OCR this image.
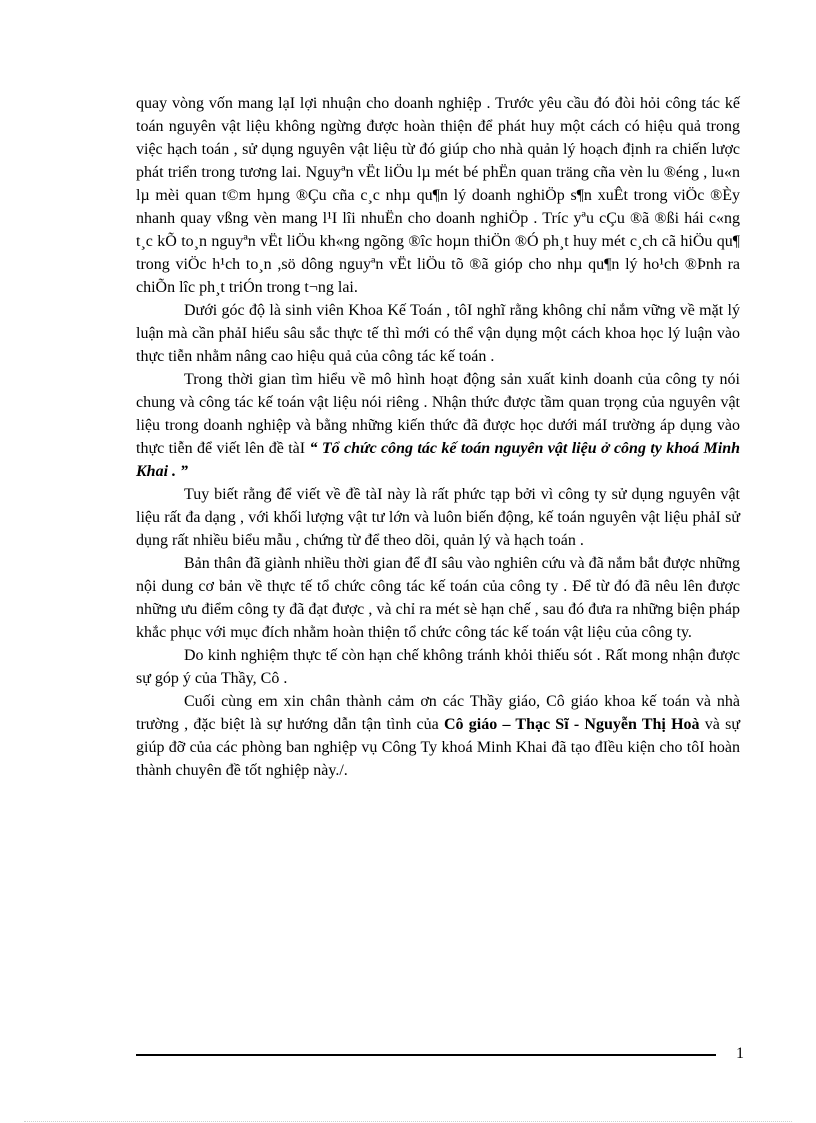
quay vòng vốn mang lạI lợi nhuận cho doanh nghiệp . Trước yêu cầu đó đòi hỏi công tác kế toán nguyên vật liệu không ngừng được hoàn thiện để phát huy một cách có hiệu quả trong việc hạch toán , sử dụng nguyên vật liệu từ đó giúp cho nhà quản lý hoạch định ra chiến lược phát triển trong tương lai. Nguyªn vËt liÖu lµ mét bé phËn quan träng cña vèn lu ®éng , lu«n lµ mèi quan t©m hµng ®Çu cña c¸c nhµ qu¶n lý doanh nghiÖp s¶n xuÊt trong viÖc ®Èy nhanh quay vßng vèn mang l¹I lîi nhuËn cho doanh nghiÖp . Tríc yªu cÇu ®ã ®ßi hái c«ng t¸c kÕ to¸n nguyªn vËt liÖu kh«ng ngõng ®îc hoµn thiÖn ®Ó ph¸t huy mét c¸ch cã hiÖu qu¶ trong viÖc h¹ch to¸n ,sö dông nguyªn vËt liÖu tõ ®ã gióp cho nhµ qu¶n lý ho¹ch ®Þnh ra chiÕn lîc ph¸t triÓn trong t¬ng lai.

Dưới góc độ là sinh viên Khoa Kế Toán , tôI nghĩ rằng không chỉ nắm vững về mặt lý luận mà cần phảI hiểu sâu sắc thực tế thì mới có thể vận dụng một cách khoa học lý luận vào thực tiễn nhằm nâng cao hiệu quả của công tác kế toán .

Trong thời gian tìm hiểu về mô hình hoạt động sản xuất kinh doanh của công ty nói chung và công tác kế toán vật liệu nói riêng . Nhận thức được tầm quan trọng của nguyên vật liệu trong doanh nghiệp và bằng những kiến thức đã được học dưới máI trường áp dụng vào thực tiễn để viết lên đề tàI “ Tổ chức công tác kế toán nguyên vật liệu ở công ty khoá Minh Khai . ”

Tuy biết rằng để viết về đề tàI này là rất phức tạp bởi vì công ty sử dụng nguyên vật liệu rất đa dạng , với khối lượng vật tư lớn và luôn biến động, kế toán nguyên vật liệu phảI sử dụng rất nhiều biểu mẫu , chứng từ để theo dõi, quản lý và hạch toán .

Bản thân đã giành nhiều thời gian để đI sâu vào nghiên cứu và đã nắm bắt được những nội dung cơ bản về thực tế tổ chức công tác kế toán của công ty . Để từ đó đã nêu lên được những ưu điểm công ty đã đạt được , và chỉ ra mét sè hạn chế , sau đó đưa ra những biện pháp khắc phục với mục đích nhằm hoàn thiện tổ chức công tác kế toán vật liệu của công ty.

Do kinh nghiệm thực tế còn hạn chế không tránh khỏi thiếu sót . Rất mong nhận được sự góp ý của Thầy, Cô .

Cuối cùng em xin chân thành cảm ơn các Thầy giáo, Cô giáo khoa kế toán và nhà trường , đặc biệt là sự hướng dẫn tận tình của Cô giáo – Thạc Sĩ - Nguyễn Thị Hoà và sự giúp đỡ của các phòng ban nghiệp vụ Công Ty khoá Minh Khai đã tạo đIều kiện cho tôI hoàn thành chuyên đề tốt nghiệp này./.

1
